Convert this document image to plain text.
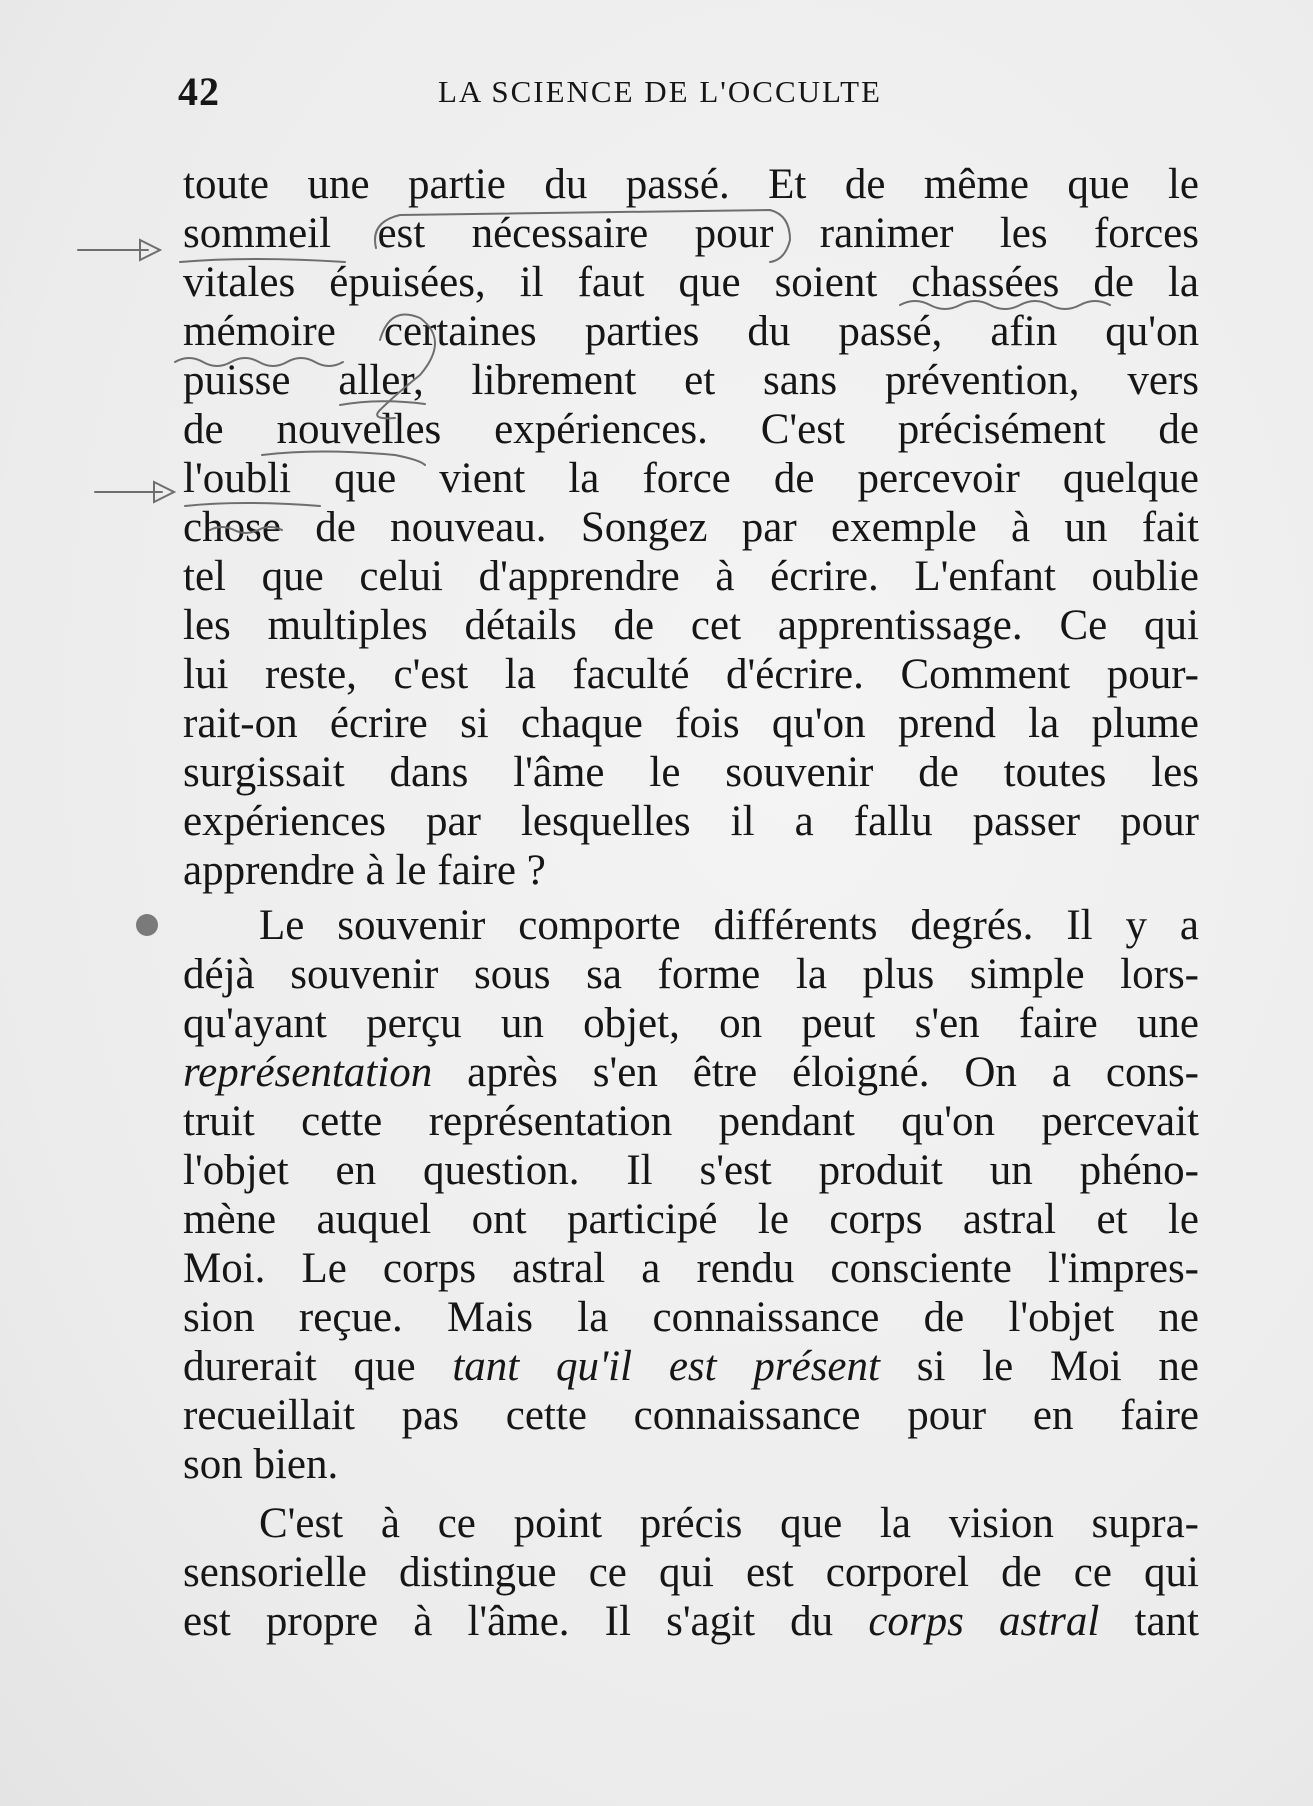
42	LA SCIENCE DE L'OCCULTE
toute une partie du passé. Et de même que le
sommeil est nécessaire pour ranimer les forces
vitales épuisées, il faut que soient chassées de la
mémoire certaines parties du passé, afin qu'on
puisse aller, librement et sans prévention, vers
de nouvelles expériences. C'est précisément de
l'oubli que vient la force de percevoir quelque
chose de nouveau. Songez par exemple à un fait
tel que celui d'apprendre à écrire. L'enfant oublie
les multiples détails de cet apprentissage. Ce qui
lui reste, c'est la faculté d'écrire. Comment pour-
rait-on écrire si chaque fois qu'on prend la plume
surgissait dans l'âme le souvenir de toutes les
expériences par lesquelles il a fallu passer pour
apprendre à le faire ?
Le souvenir comporte différents degrés. Il y a
déjà souvenir sous sa forme la plus simple lors-
qu'ayant perçu un objet, on peut s'en faire une
représentation après s'en être éloigné. On a cons-
truit cette représentation pendant qu'on percevait
l'objet en question. Il s'est produit un phéno-
mène auquel ont participé le corps astral et le
Moi. Le corps astral a rendu consciente l'impres-
sion reçue. Mais la connaissance de l'objet ne
durerait que tant qu'il est présent si le Moi ne
recueillait pas cette connaissance pour en faire
son bien.
C'est à ce point précis que la vision supra-
sensorielle distingue ce qui est corporel de ce qui
est propre à l'âme. Il s'agit du corps astral tant
